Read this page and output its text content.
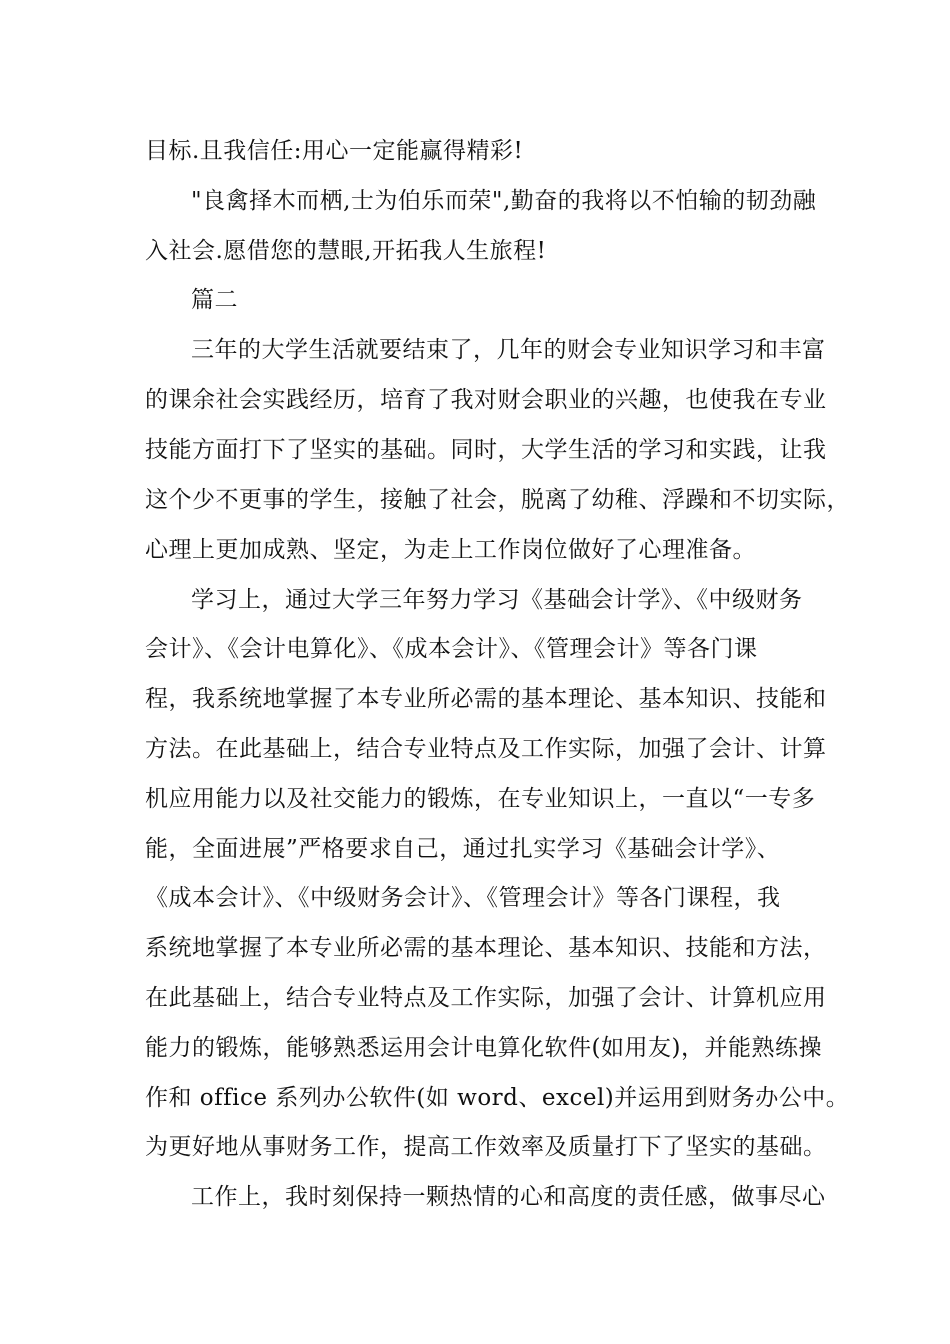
目标.且我信任:用心一定能赢得精彩!
"良禽择木而栖,士为伯乐而荣",勤奋的我将以不怕输的韧劲融
入社会.愿借您的慧眼,开拓我人生旅程!
篇二
三年的大学生活就要结束了，几年的财会专业知识学习和丰富
的课余社会实践经历，培育了我对财会职业的兴趣，也使我在专业
技能方面打下了坚实的基础。同时，大学生活的学习和实践，让我
这个少不更事的学生，接触了社会，脱离了幼稚、浮躁和不切实际，
心理上更加成熟、坚定，为走上工作岗位做好了心理准备。
学习上，通过大学三年努力学习《基础会计学》、《中级财务
会计》、《会计电算化》、《成本会计》、《管理会计》等各门课
程，我系统地掌握了本专业所必需的基本理论、基本知识、技能和
方法。在此基础上，结合专业特点及工作实际，加强了会计、计算
机应用能力以及社交能力的锻炼，在专业知识上，一直以“一专多
能，全面进展”严格要求自己，通过扎实学习《基础会计学》、
《成本会计》、《中级财务会计》、《管理会计》等各门课程，我
系统地掌握了本专业所必需的基本理论、基本知识、技能和方法，
在此基础上，结合专业特点及工作实际，加强了会计、计算机应用
能力的锻炼，能够熟悉运用会计电算化软件(如用友)，并能熟练操
作和 office 系列办公软件(如 word、excel)并运用到财务办公中。
为更好地从事财务工作，提高工作效率及质量打下了坚实的基础。
工作上，我时刻保持一颗热情的心和高度的责任感，做事尽心
